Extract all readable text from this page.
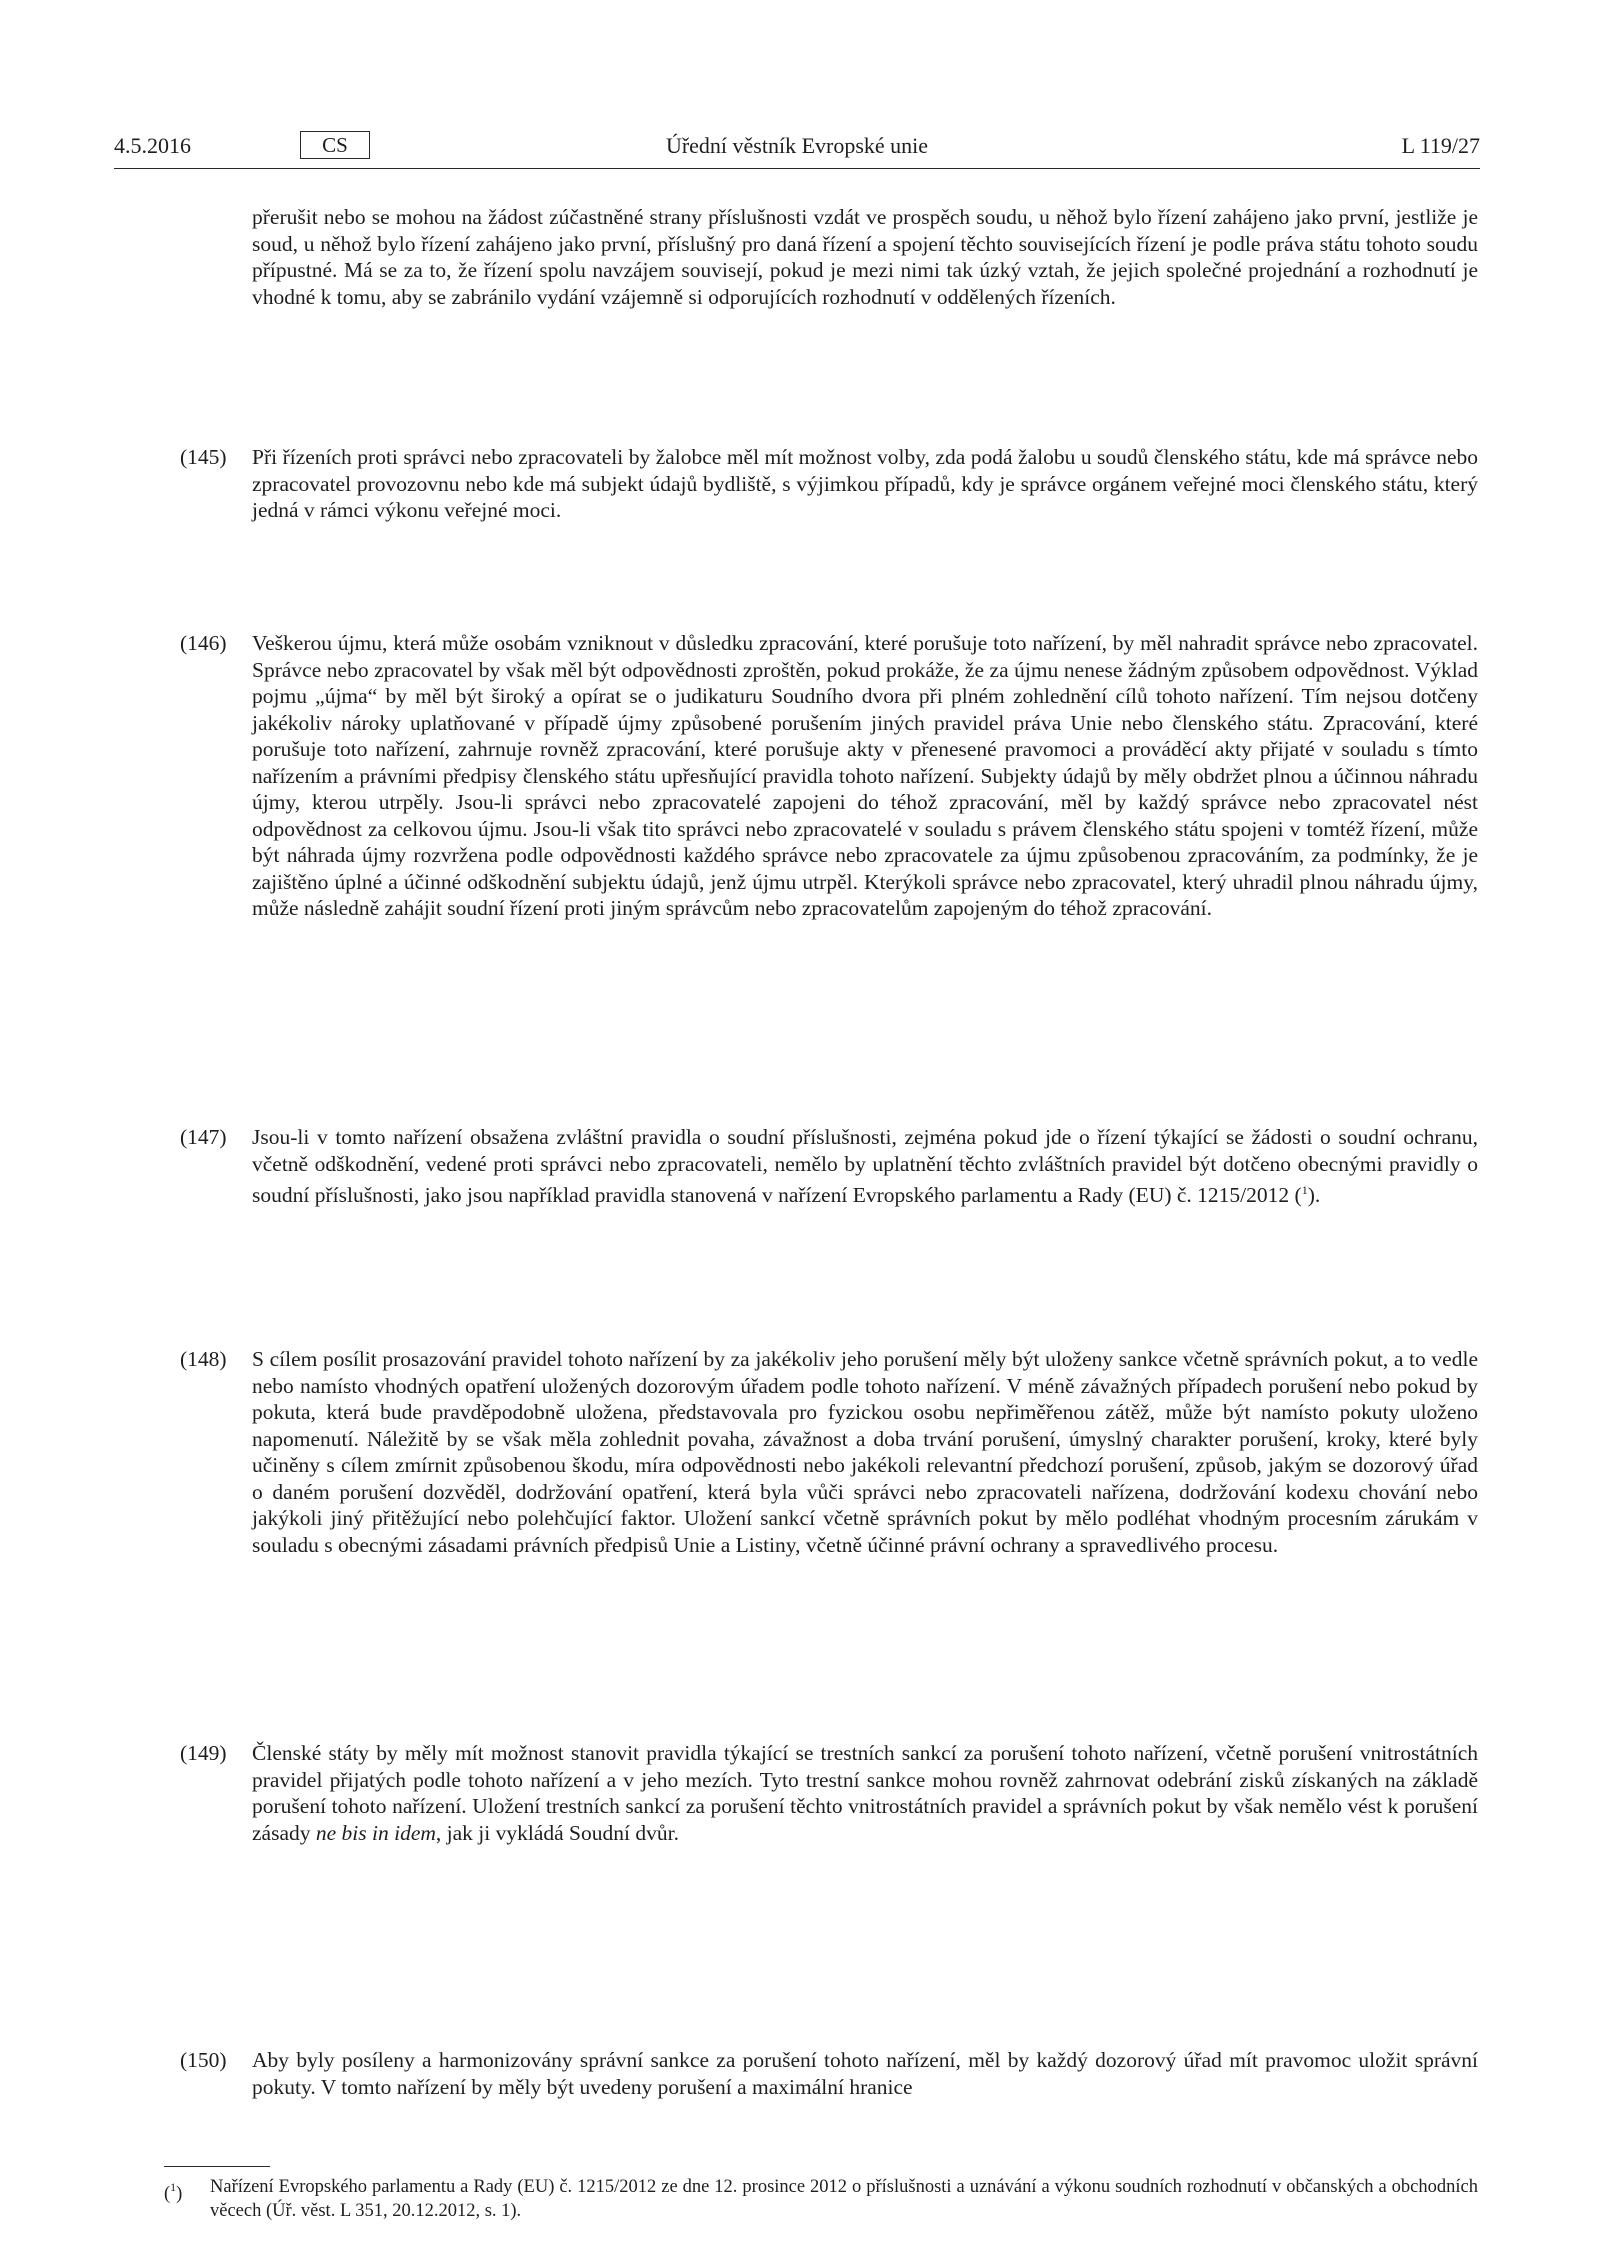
4.5.2016	CS	Úřední věstník Evropské unie	L 119/27
přerušit nebo se mohou na žádost zúčastněné strany příslušnosti vzdát ve prospěch soudu, u něhož bylo řízení zahájeno jako první, jestliže je soud, u něhož bylo řízení zahájeno jako první, příslušný pro daná řízení a spojení těchto souvisejících řízení je podle práva státu tohoto soudu přípustné. Má se za to, že řízení spolu navzájem souvisejí, pokud je mezi nimi tak úzký vztah, že jejich společné projednání a rozhodnutí je vhodné k tomu, aby se zabránilo vydání vzájemně si odporujících rozhodnutí v oddělených řízeních.
(145)	Při řízeních proti správci nebo zpracovateli by žalobce měl mít možnost volby, zda podá žalobu u soudů členského státu, kde má správce nebo zpracovatel provozovnu nebo kde má subjekt údajů bydliště, s výjimkou případů, kdy je správce orgánem veřejné moci členského státu, který jedná v rámci výkonu veřejné moci.
(146)	Veškerou újmu, která může osobám vzniknout v důsledku zpracování, které porušuje toto nařízení, by měl nahradit správce nebo zpracovatel. Správce nebo zpracovatel by však měl být odpovědnosti zproštěn, pokud prokáže, že za újmu nenese žádným způsobem odpovědnost. Výklad pojmu „újma“ by měl být široký a opírat se o judikaturu Soudního dvora při plném zohlednění cílů tohoto nařízení. Tím nejsou dotčeny jakékoliv nároky uplatňované v případě újmy způsobené porušením jiných pravidel práva Unie nebo členského státu. Zpracování, které porušuje toto nařízení, zahrnuje rovněž zpracování, které porušuje akty v přenesené pravomoci a prováděcí akty přijaté v souladu s tímto nařízením a právními předpisy členského státu upřesňující pravidla tohoto nařízení. Subjekty údajů by měly obdržet plnou a účinnou náhradu újmy, kterou utrpěly. Jsou-li správci nebo zpracovatelé zapojeni do téhož zpracování, měl by každý správce nebo zpracovatel nést odpovědnost za celkovou újmu. Jsou-li však tito správci nebo zpracovatelé v souladu s právem členského státu spojeni v tomtéž řízení, může být náhrada újmy rozvržena podle odpovědnosti každého správce nebo zpracovatele za újmu způsobenou zpracováním, za podmínky, že je zajištěno úplné a účinné odškodnění subjektu údajů, jenž újmu utrpěl. Kterýkoli správce nebo zpracovatel, který uhradil plnou náhradu újmy, může následně zahájit soudní řízení proti jiným správcům nebo zpracovatelům zapojeným do téhož zpracování.
(147)	Jsou-li v tomto nařízení obsažena zvláštní pravidla o soudní příslušnosti, zejména pokud jde o řízení týkající se žádosti o soudní ochranu, včetně odškodnění, vedené proti správci nebo zpracovateli, nemělo by uplatnění těchto zvláštních pravidel být dotčeno obecnými pravidly o soudní příslušnosti, jako jsou například pravidla stanovená v nařízení Evropského parlamentu a Rady (EU) č. 1215/2012 ($^1$).
(148)	S cílem posílit prosazování pravidel tohoto nařízení by za jakékoliv jeho porušení měly být uloženy sankce včetně správních pokut, a to vedle nebo namísto vhodných opatření uložených dozorovým úřadem podle tohoto nařízení. V méně závažných případech porušení nebo pokud by pokuta, která bude pravděpodobně uložena, představovala pro fyzickou osobu nepřiměřenou zátěž, může být namísto pokuty uloženo napomenutí. Náležitě by se však měla zohlednit povaha, závažnost a doba trvání porušení, úmyslný charakter porušení, kroky, které byly učiněny s cílem zmírnit způsobenou škodu, míra odpovědnosti nebo jakékoli relevantní předchozí porušení, způsob, jakým se dozorový úřad o daném porušení dozvěděl, dodržování opatření, která byla vůči správci nebo zpracovateli nařízena, dodržování kodexu chování nebo jakýkoli jiný přitěžující nebo polehčující faktor. Uložení sankcí včetně správních pokut by mělo podléhat vhodným procesním zárukám v souladu s obecnými zásadami právních předpisů Unie a Listiny, včetně účinné právní ochrany a spravedlivého procesu.
(149)	Členské státy by měly mít možnost stanovit pravidla týkající se trestních sankcí za porušení tohoto nařízení, včetně porušení vnitrostátních pravidel přijatých podle tohoto nařízení a v jeho mezích. Tyto trestní sankce mohou rovněž zahrnovat odebrání zisků získaných na základě porušení tohoto nařízení. Uložení trestních sankcí za porušení těchto vnitrostátních pravidel a správních pokut by však nemělo vést k porušení zásady ne bis in idem, jak ji vykládá Soudní dvůr.
(150)	Aby byly posíleny a harmonizovány správní sankce za porušení tohoto nařízení, měl by každý dozorový úřad mít pravomoc uložit správní pokuty. V tomto nařízení by měly být uvedeny porušení a maximální hranice
($^1$) Nařízení Evropského parlamentu a Rady (EU) č. 1215/2012 ze dne 12. prosince 2012 o příslušnosti a uznávání a výkonu soudních rozhodnutí v občanských a obchodních věcech (Úř. věst. L 351, 20.12.2012, s. 1).
